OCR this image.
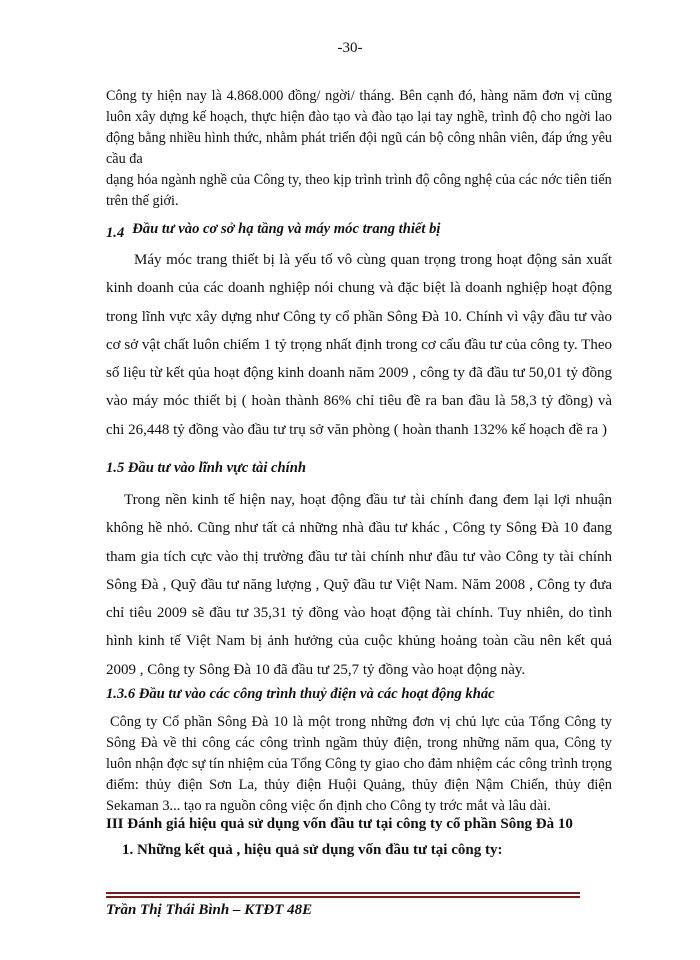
-30-

Công ty hiện nay là 4.868.000 đồng/ ngời/ tháng. Bên cạnh đó, hàng năm đơn vị cũng luôn xây dựng kế hoạch, thực hiện đào tạo và đào tạo lại tay nghề, trình độ cho ngời lao động bằng nhiều hình thức, nhằm phát triển đội ngũ cán bộ công nhân viên, đáp ứng yêu cầu đa
dạng hóa ngành nghề của Công ty, theo kịp trình trình độ công nghệ của các nớc tiên tiến trên thế giới.

1.4 Đầu tư vào cơ sở hạ tầng và máy móc trang thiết bị

Máy móc trang thiết bị là yếu tố vô cùng quan trọng trong hoạt động sản xuất kinh doanh của các doanh nghiệp nói chung và đặc biệt là doanh nghiệp hoạt động trong lĩnh vực xây dựng như Công ty cổ phần Sông Đà 10. Chính vì vậy đầu tư vào cơ sở vật chất luôn chiếm 1 tỷ trọng nhất định trong cơ cấu đầu tư của công ty. Theo số liệu từ kết qủa hoạt động kinh doanh năm 2009 , công ty đã đầu tư 50,01 tỷ đồng vào máy móc thiết bị ( hoàn thành 86% chỉ tiêu đề ra ban đầu là 58,3 tỷ đồng) và chi 26,448 tỷ đồng vào đầu tư trụ sở văn phòng ( hoàn thanh 132% kế hoạch đề ra )

1.5 Đầu tư vào lĩnh vực tài chính

Trong nền kinh tế hiện nay, hoạt động đầu tư tài chính đang đem lại lợi nhuận không hề nhỏ. Cũng như tất cả những nhà đầu tư khác , Công ty Sông Đà 10 đang tham gia tích cực vào thị trường đầu tư tài chính như đầu tư vào Công ty tài chính Sông Đà , Quỹ đầu tư năng lượng , Quỹ đầu tư Việt Nam. Năm 2008 , Công ty đưa chỉ tiêu 2009 sẽ đầu tư 35,31 tỷ đồng vào hoạt động tài chính. Tuy nhiên, do tình hình kinh tế Việt Nam bị ảnh hưởng của cuộc khủng hoảng toàn cầu nên kết quả 2009 , Công ty Sông Đà 10 đã đầu tư 25,7 tỷ đồng vào hoạt động này.

1.3.6 Đầu tư vào các công trình thuỷ điện và các hoạt động khác

Công ty Cổ phần Sông Đà 10 là một trong những đơn vị chủ lực của Tổng Công ty Sông Đà về thi công các công trình ngầm thủy điện, trong những năm qua, Công ty luôn nhận đợc sự tín nhiệm của Tổng Công ty giao cho đảm nhiệm các công trình trọng điểm: thủy điện Sơn La, thủy điện Huội Quảng, thủy điện Nậm Chiến, thủy điện Sekaman 3... tạo ra nguồn công việc ổn định cho Công ty trớc mắt và lâu dài.

III Đánh giá hiệu quả sử dụng vốn đầu tư tại công ty cổ phần Sông Đà 10
1. Những kết quả , hiệu quả sử dụng vốn đầu tư tại công ty:

Trần Thị Thái Bình – KTĐT 48E
